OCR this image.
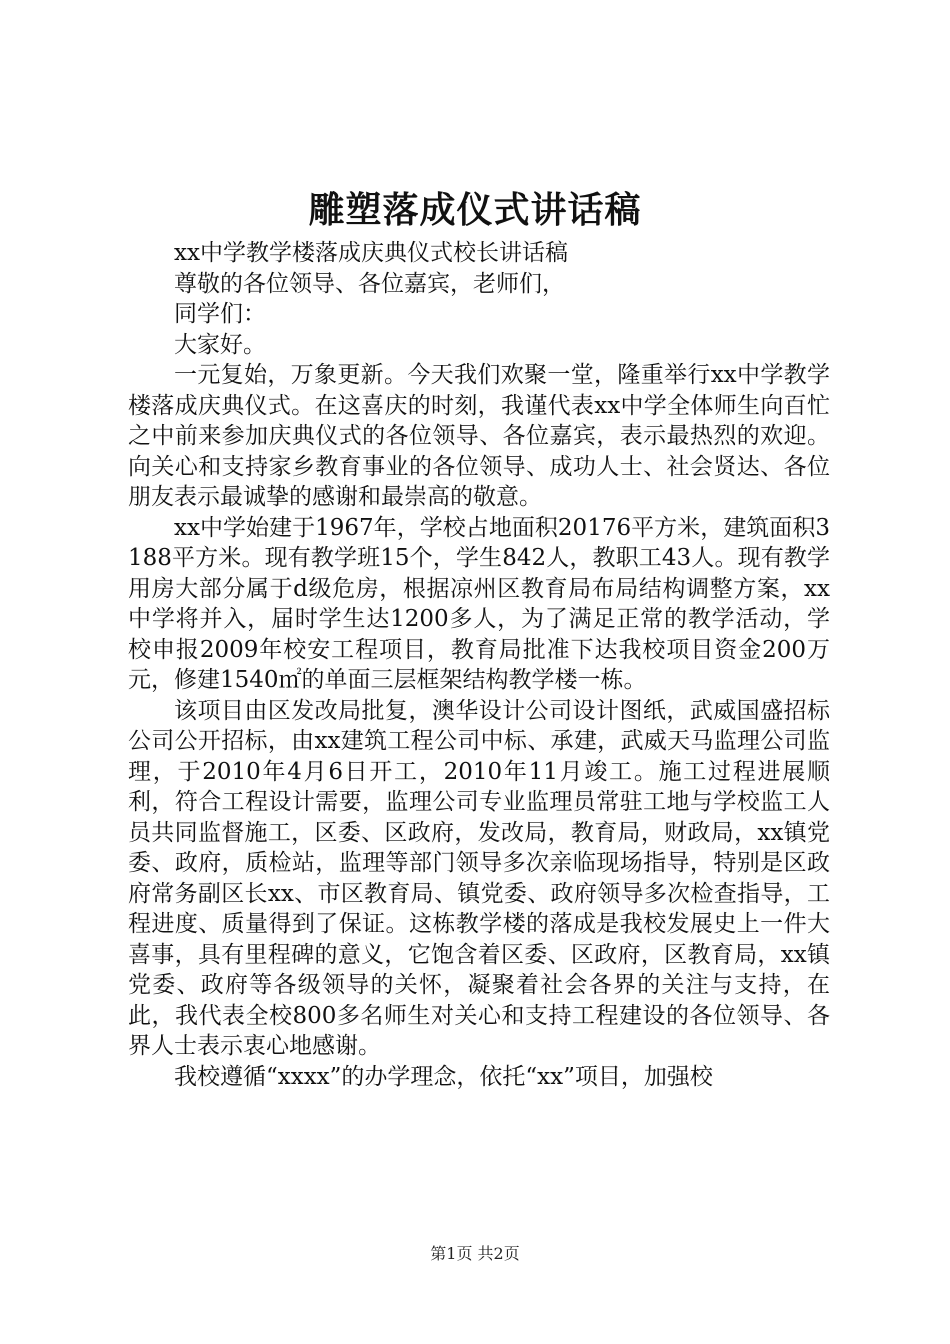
雕塑落成仪式讲话稿

xx中学教学楼落成庆典仪式校长讲话稿

尊敬的各位领导、各位嘉宾，老师们，

同学们：

大家好。

一元复始，万象更新。今天我们欢聚一堂，隆重举行xx中学教学楼落成庆典仪式。在这喜庆的时刻，我谨代表xx中学全体师生向百忙之中前来参加庆典仪式的各位领导、各位嘉宾，表示最热烈的欢迎。向关心和支持家乡教育事业的各位领导、成功人士、社会贤达、各位朋友表示最诚挚的感谢和最崇高的敬意。

xx中学始建于1967年，学校占地面积20176平方米，建筑面积3188平方米。现有教学班15个，学生842人，教职工43人。现有教学用房大部分属于d级危房，根据凉州区教育局布局结构调整方案，xx中学将并入，届时学生达1200多人，为了满足正常的教学活动，学校申报2009年校安工程项目，教育局批准下达我校项目资金200万元，修建1540㎡的单面三层框架结构教学楼一栋。

该项目由区发改局批复，澳华设计公司设计图纸，武威国盛招标公司公开招标，由xx建筑工程公司中标、承建，武威天马监理公司监理，于2010年4月6日开工，2010年11月竣工。施工过程进展顺利，符合工程设计需要，监理公司专业监理员常驻工地与学校监工人员共同监督施工，区委、区政府，发改局，教育局，财政局，xx镇党委、政府，质检站，监理等部门领导多次亲临现场指导，特别是区政府常务副区长xx、市区教育局、镇党委、政府领导多次检查指导，工程进度、质量得到了保证。这栋教学楼的落成是我校发展史上一件大喜事，具有里程碑的意义，它饱含着区委、区政府，区教育局，xx镇党委、政府等各级领导的关怀，凝聚着社会各界的关注与支持，在此，我代表全校800多名师生对关心和支持工程建设的各位领导、各界人士表示衷心地感谢。

我校遵循“xxxx”的办学理念，依托“xx”项目，加强校

第1页 共2页
